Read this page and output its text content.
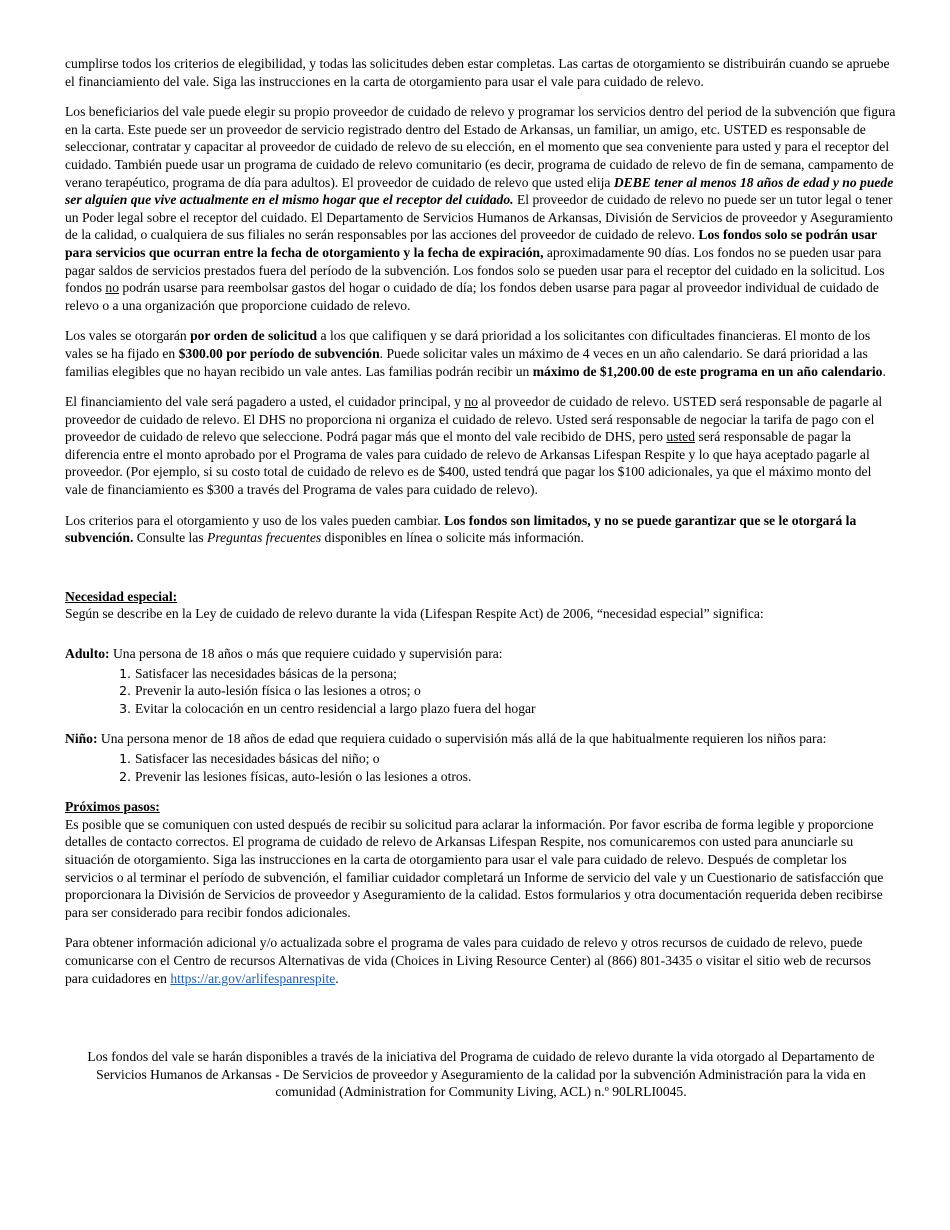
cumplirse todos los criterios de elegibilidad, y todas las solicitudes deben estar completas. Las cartas de otorgamiento se distribuirán cuando se apruebe el financiamiento del vale. Siga las instrucciones en la carta de otorgamiento para usar el vale para cuidado de relevo.

Los beneficiarios del vale puede elegir su propio proveedor de cuidado de relevo y programar los servicios dentro del period de la subvención que figura en la carta. Este puede ser un proveedor de servicio registrado dentro del Estado de Arkansas, un familiar, un amigo, etc. USTED es responsable de seleccionar, contratar y capacitar al proveedor de cuidado de relevo de su elección, en el momento que sea conveniente para usted y para el receptor del cuidado. También puede usar un programa de cuidado de relevo comunitario (es decir, programa de cuidado de relevo de fin de semana, campamento de verano terapéutico, programa de día para adultos). El proveedor de cuidado de relevo que usted elija DEBE tener al menos 18 años de edad y no puede ser alguien que vive actualmente en el mismo hogar que el receptor del cuidado. El proveedor de cuidado de relevo no puede ser un tutor legal o tener un Poder legal sobre el receptor del cuidado. El Departamento de Servicios Humanos de Arkansas, División de Servicios de proveedor y Aseguramiento de la calidad, o cualquiera de sus filiales no serán responsables por las acciones del proveedor de cuidado de relevo. Los fondos solo se podrán usar para servicios que ocurran entre la fecha de otorgamiento y la fecha de expiración, aproximadamente 90 días. Los fondos no se pueden usar para pagar saldos de servicios prestados fuera del período de la subvención. Los fondos solo se pueden usar para el receptor del cuidado en la solicitud. Los fondos no podrán usarse para reembolsar gastos del hogar o cuidado de día; los fondos deben usarse para pagar al proveedor individual de cuidado de relevo o a una organización que proporcione cuidado de relevo.

Los vales se otorgarán por orden de solicitud a los que califiquen y se dará prioridad a los solicitantes con dificultades financieras. El monto de los vales se ha fijado en $300.00 por período de subvención. Puede solicitar vales un máximo de 4 veces en un año calendario. Se dará prioridad a las familias elegibles que no hayan recibido un vale antes. Las familias podrán recibir un máximo de $1,200.00 de este programa en un año calendario.

El financiamiento del vale será pagadero a usted, el cuidador principal, y no al proveedor de cuidado de relevo. USTED será responsable de pagarle al proveedor de cuidado de relevo. El DHS no proporciona ni organiza el cuidado de relevo. Usted será responsable de negociar la tarifa de pago con el proveedor de cuidado de relevo que seleccione. Podrá pagar más que el monto del vale recibido de DHS, pero usted será responsable de pagar la diferencia entre el monto aprobado por el Programa de vales para cuidado de relevo de Arkansas Lifespan Respite y lo que haya aceptado pagarle al proveedor. (Por ejemplo, si su costo total de cuidado de relevo es de $400, usted tendrá que pagar los $100 adicionales, ya que el máximo monto del vale de financiamiento es $300 a través del Programa de vales para cuidado de relevo).

Los criterios para el otorgamiento y uso de los vales pueden cambiar. Los fondos son limitados, y no se puede garantizar que se le otorgará la subvención. Consulte las Preguntas frecuentes disponibles en línea o solicite más información.

Necesidad especial:

Según se describe en la Ley de cuidado de relevo durante la vida (Lifespan Respite Act) de 2006, “necesidad especial” significa:

Adulto: Una persona de 18 años o más que requiere cuidado y supervisión para:
1. Satisfacer las necesidades básicas de la persona;
2. Prevenir la auto-lesión física o las lesiones a otros; o
3. Evitar la colocación en un centro residencial a largo plazo fuera del hogar
Niño: Una persona menor de 18 años de edad que requiera cuidado o supervisión más allá de la que habitualmente requieren los niños para:
1. Satisfacer las necesidades básicas del niño; o
2. Prevenir las lesiones físicas, auto-lesión o las lesiones a otros.
Próximos pasos:

Es posible que se comuniquen con usted después de recibir su solicitud para aclarar la información. Por favor escriba de forma legible y proporcione detalles de contacto correctos. El programa de cuidado de relevo de Arkansas Lifespan Respite, nos comunicaremos con usted para anunciarle su situación de otorgamiento. Siga las instrucciones en la carta de otorgamiento para usar el vale para cuidado de relevo. Después de completar los servicios o al terminar el período de subvención, el familiar cuidador completará un Informe de servicio del vale y un Cuestionario de satisfacción que proporcionara la División de Servicios de proveedor y Aseguramiento de la calidad. Estos formularios y otra documentación requerida deben recibirse para ser considerado para recibir fondos adicionales.

Para obtener información adicional y/o actualizada sobre el programa de vales para cuidado de relevo y otros recursos de cuidado de relevo, puede comunicarse con el Centro de recursos Alternativas de vida (Choices in Living Resource Center) al (866) 801-3435 o visitar el sitio web de recursos para cuidadores en https://ar.gov/arlifespanrespite.

Los fondos del vale se harán disponibles a través de la iniciativa del Programa de cuidado de relevo durante la vida otorgado al Departamento de Servicios Humanos de Arkansas - De Servicios de proveedor y Aseguramiento de la calidad por la subvención Administración para la vida en comunidad (Administration for Community Living, ACL) n.º 90LRLI0045.
